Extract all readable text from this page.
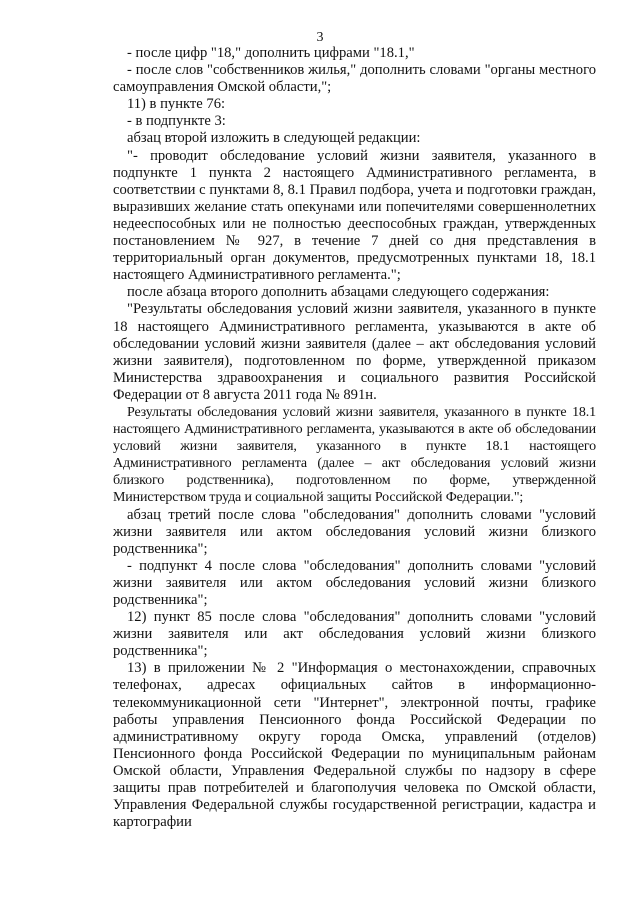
3

- после цифр "18," дополнить цифрами "18.1,"

- после слов "собственников жилья," дополнить словами "органы местного самоуправления Омской области,";

11) в пункте 76:

- в подпункте 3:

абзац второй изложить в следующей редакции:

"- проводит обследование условий жизни заявителя, указанного в подпункте 1 пункта 2 настоящего Административного регламента, в соответствии с пунктами 8, 8.1 Правил подбора, учета и подготовки граждан, выразивших желание стать опекунами или попечителями совершеннолетних недееспособных или не полностью дееспособных граждан, утвержденных постановлением № 927, в течение 7 дней со дня представления в территориальный орган документов, предусмотренных пунктами 18, 18.1 настоящего Административного регламента.";

после абзаца второго дополнить абзацами следующего содержания:

"Результаты обследования условий жизни заявителя, указанного в пункте 18 настоящего Административного регламента, указываются в акте об обследовании условий жизни заявителя (далее – акт обследования условий жизни заявителя), подготовленном по форме, утвержденной приказом Министерства здравоохранения и социального развития Российской Федерации от 8 августа 2011 года № 891н.

Результаты обследования условий жизни заявителя, указанного в пункте 18.1 настоящего Административного регламента, указываются в акте об обследовании условий жизни заявителя, указанного в пункте 18.1 настоящего Административного регламента (далее – акт обследования условий жизни близкого родственника), подготовленном по форме, утвержденной Министерством труда и социальной защиты Российской Федерации.";

абзац третий после слова "обследования" дополнить словами "условий жизни заявителя или актом обследования условий жизни близкого родственника";

- подпункт 4 после слова "обследования" дополнить словами "условий жизни заявителя или актом обследования условий жизни близкого родственника";

12) пункт 85 после слова "обследования" дополнить словами "условий жизни заявителя или акт обследования условий жизни близкого родственника";

13) в приложении № 2 "Информация о местонахождении, справочных телефонах, адресах официальных сайтов в информационно-телекоммуникационной сети "Интернет", электронной почты, графике работы управления Пенсионного фонда Российской Федерации по административному округу города Омска, управлений (отделов) Пенсионного фонда Российской Федерации по муниципальным районам Омской области, Управления Федеральной службы по надзору в сфере защиты прав потребителей и благополучия человека по Омской области, Управления Федеральной службы государственной регистрации, кадастра и картографии
